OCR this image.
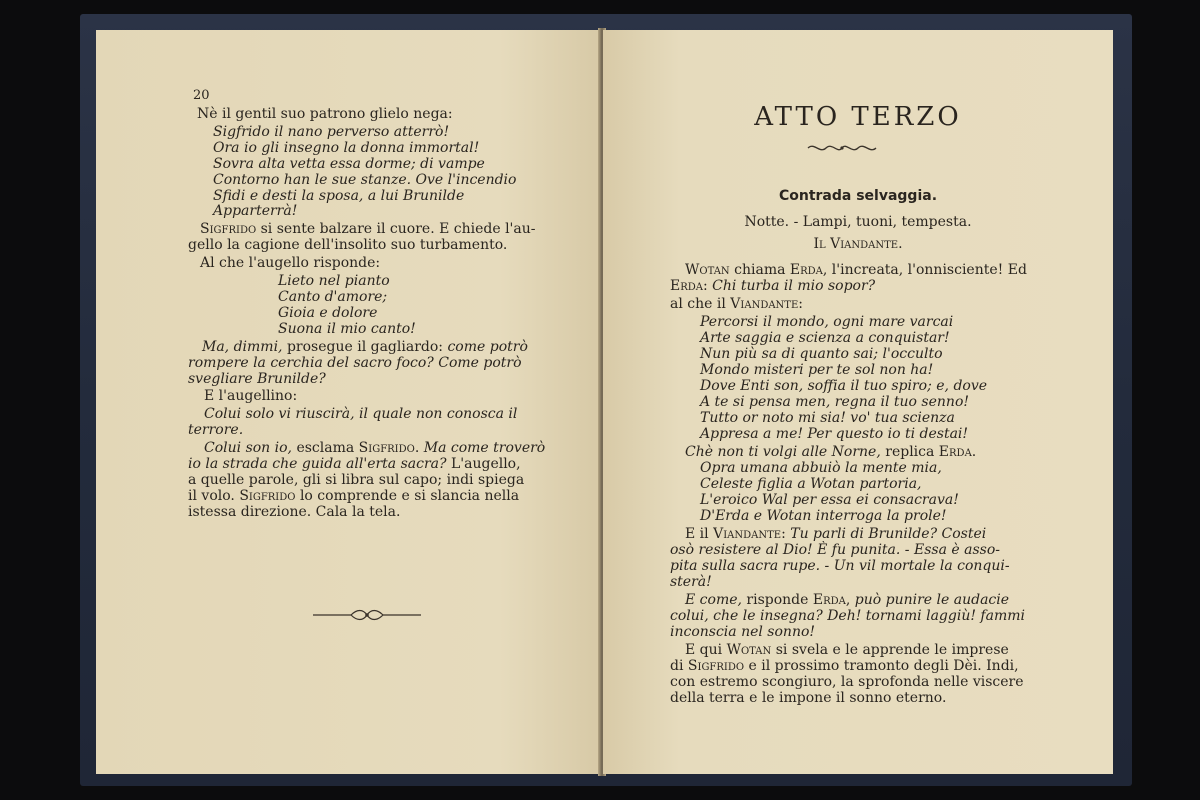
20

Nè il gentil suo patrono glielo nega:

Sigfrido il nano perverso atterrò!

Ora io gli insegno la donna immortal!

Sovra alta vetta essa dorme; di vampe

Contorno han le sue stanze. Ove l'incendio

Sfidi e desti la sposa, a lui Brunilde

Apparterrà!

Sigfrido si sente balzare il cuore. E chiede l'au-

gello la cagione dell'insolito suo turbamento.

Al che l'augello risponde:

Lieto nel pianto

Canto d'amore;

Gioia e dolore

Suona il mio canto!

Ma, dimmi, prosegue il gagliardo: come potrò

rompere la cerchia del sacro foco? Come potrò

svegliare Brunilde?

E l'augellino:

Colui solo vi riuscirà, il quale non conosca il

terrore.

Colui son io, esclama Sigfrido. Ma come troverò

io la strada che guida all'erta sacra? L'augello,

a quelle parole, gli si libra sul capo; indi spiega

il volo. Sigfrido lo comprende e si slancia nella

istessa direzione. Cala la tela.

ATTO TERZO

Contrada selvaggia.

Notte. - Lampi, tuoni, tempesta.

Il Viandante.

Wotan chiama Erda, l'increata, l'onnisciente! Ed

Erda: Chi turba il mio sopor?

al che il Viandante:

Percorsi il mondo, ogni mare varcai

Arte saggia e scienza a conquistar!

Nun più sa di quanto sai; l'occulto

Mondo misteri per te sol non ha!

Dove Enti son, soffia il tuo spiro; e, dove

A te si pensa men, regna il tuo senno!

Tutto or noto mi sia! vo' tua scienza

Appresa a me! Per questo io ti destai!

Chè non ti volgi alle Norne, replica Erda.

Opra umana abbuiò la mente mia,

Celeste figlia a Wotan partoria,

L'eroico Wal per essa ei consacrava!

D'Erda e Wotan interroga la prole!

E il Viandante: Tu parli di Brunilde? Costei

osò resistere al Dio! È fu punita. - Essa è asso-

pita sulla sacra rupe. - Un vil mortale la conqui-

sterà!

E come, risponde Erda, può punire le audacie

colui, che le insegna? Deh! tornami laggiù! fammi

inconscia nel sonno!

E qui Wotan si svela e le apprende le imprese

di Sigfrido e il prossimo tramonto degli Dèi. Indi,

con estremo scongiuro, la sprofonda nelle viscere

della terra e le impone il sonno eterno.
